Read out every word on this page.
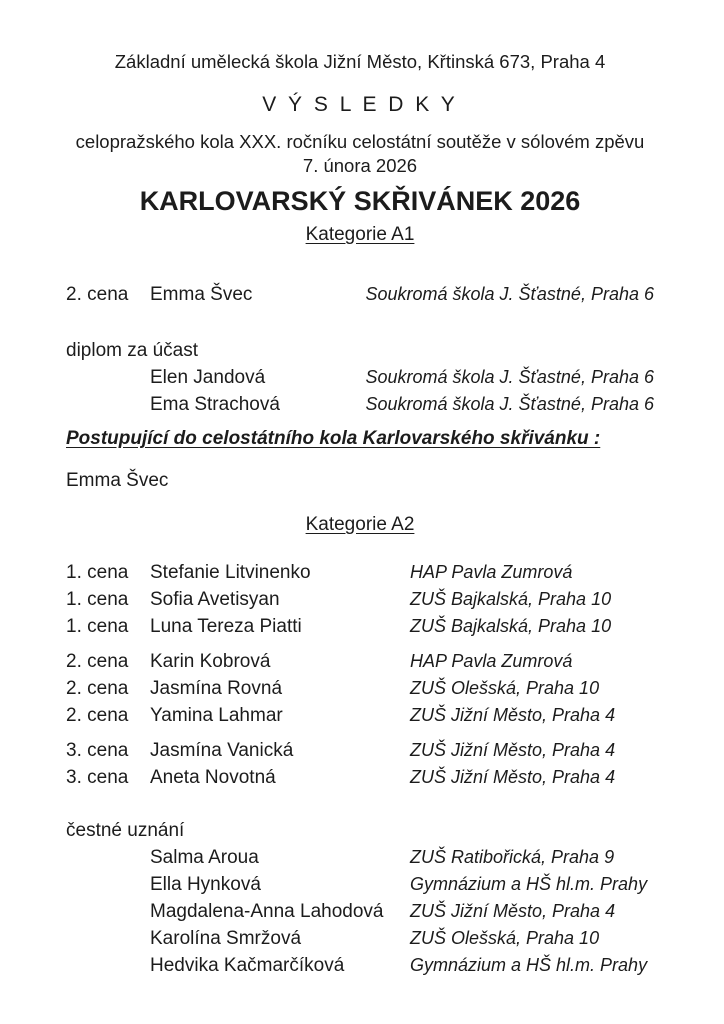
Základní umělecká škola Jižní Město, Křtinská 673, Praha 4

V Ý S L E D K Y

celopražského kola XXX. ročníku celostátní soutěže v sólovém zpěvu

7. února 2026

KARLOVARSKÝ SKŘIVÁNEK 2026

Kategorie A1

2. cena	Emma Švec	Soukromá škola J. Šťastné, Praha 6

diplom za účast

Elen Jandová	Soukromá škola J. Šťastné, Praha 6
Ema Strachová	Soukromá škola J. Šťastné, Praha 6

Postupující do celostátního kola Karlovarského skřivánku :

Emma Švec

Kategorie A2

1. cena	Stefanie Litvinenko	HAP Pavla Zumrová
1. cena	Sofia Avetisyan	ZUŠ Bajkalská, Praha 10
1. cena	Luna Tereza Piatti	ZUŠ Bajkalská, Praha 10
2. cena	Karin Kobrová	HAP Pavla Zumrová
2. cena	Jasmína Rovná	ZUŠ Olešská, Praha 10
2. cena	Yamina Lahmar	ZUŠ Jižní Město, Praha 4
3. cena	Jasmína Vanická	ZUŠ Jižní Město, Praha 4
3. cena	Aneta Novotná	ZUŠ Jižní Město, Praha 4

čestné uznání

Salma Aroua	ZUŠ Ratibořická, Praha 9
Ella Hynková	Gymnázium a HŠ hl.m. Prahy
Magdalena-Anna Lahodová	ZUŠ Jižní Město, Praha 4
Karolína Smržová	ZUŠ Olešská, Praha 10
Hedvika Kačmarčíková	Gymnázium a HŠ hl.m. Prahy
